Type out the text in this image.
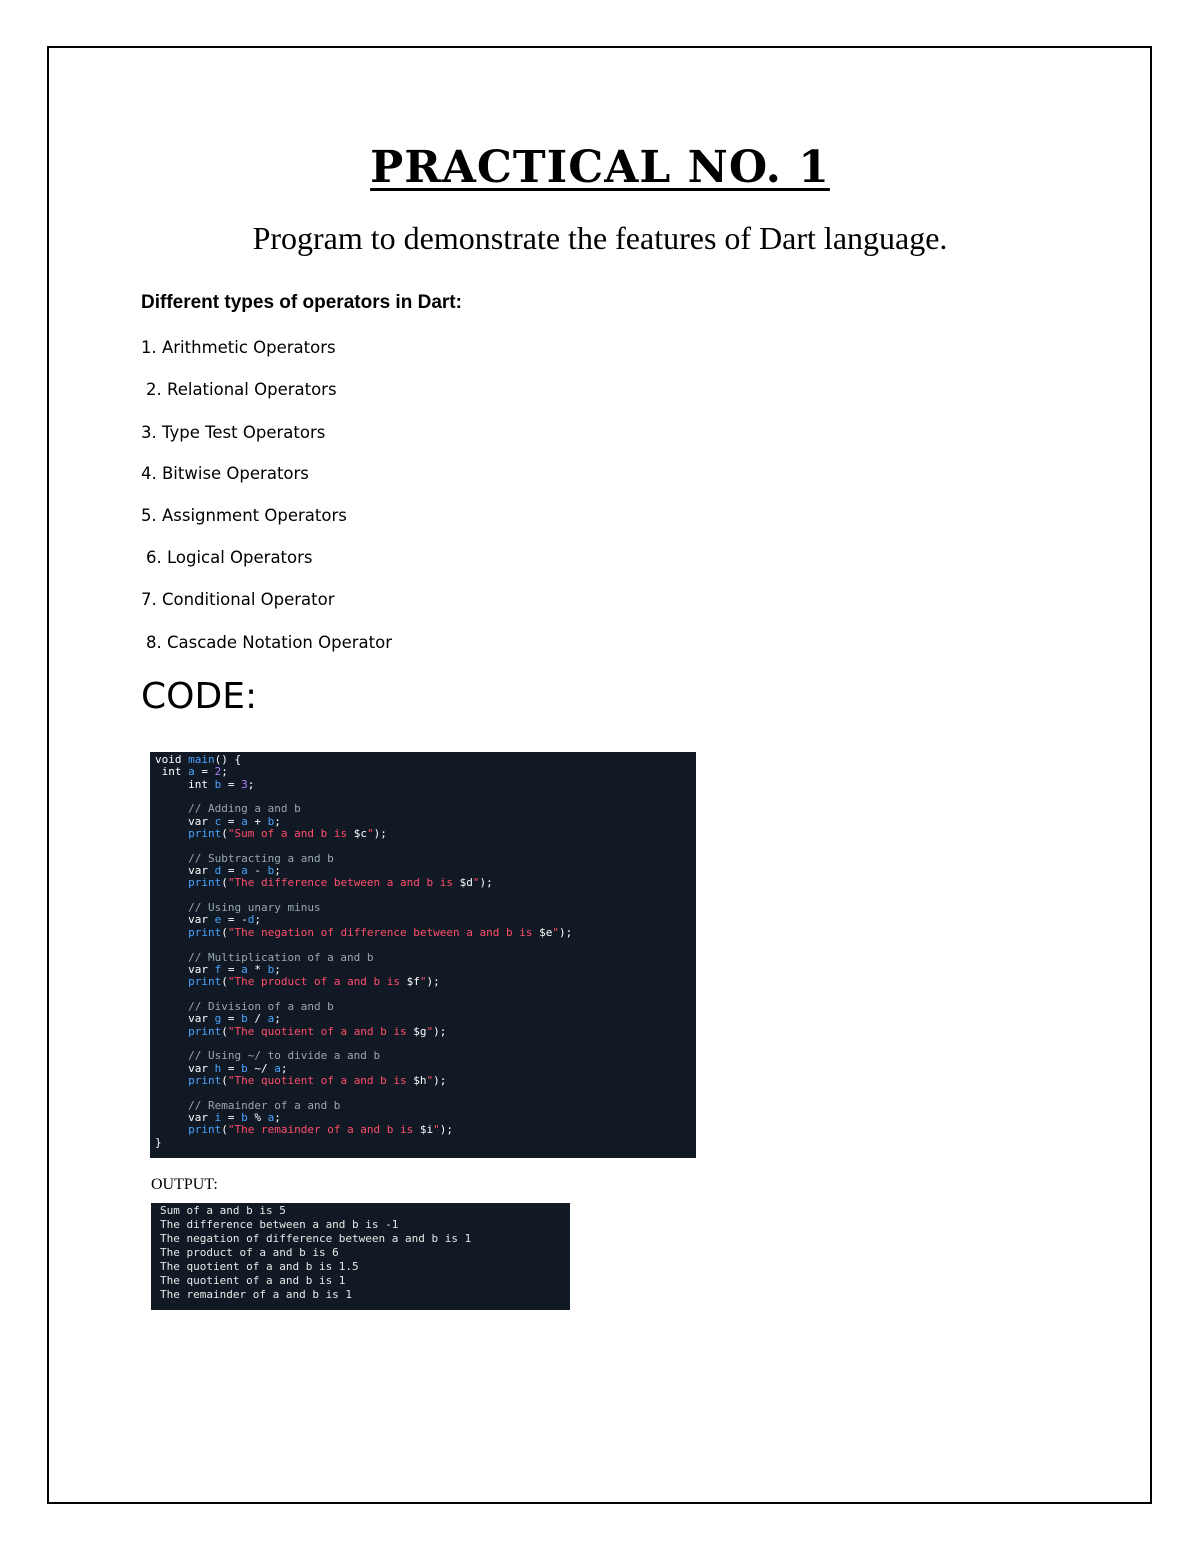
PRACTICAL NO. 1

Program to demonstrate the features of Dart language.

Different types of operators in Dart:

1. Arithmetic Operators

2. Relational Operators

3. Type Test Operators

4. Bitwise Operators

5. Assignment Operators

6. Logical Operators

7. Conditional Operator

8. Cascade Notation Operator

CODE:
void main() {
int a = 2;
int b = 3;
// Adding a and b
var c = a + b;
print("Sum of a and b is $c");
// Subtracting a and b
var d = a - b;
print("The difference between a and b is $d");
// Using unary minus
var e = -d;
print("The negation of difference between a and b is $e");
// Multiplication of a and b
var f = a * b;
print("The product of a and b is $f");
// Division of a and b
var g = b / a;
print("The quotient of a and b is $g");
// Using ~/ to divide a and b
var h = b ~/ a;
print("The quotient of a and b is $h");
// Remainder of a and b
var i = b % a;
print("The remainder of a and b is $i");
}

OUTPUT:

Sum of a and b is 5
The difference between a and b is -1
The negation of difference between a and b is 1
The product of a and b is 6
The quotient of a and b is 1.5
The quotient of a and b is 1
The remainder of a and b is 1
